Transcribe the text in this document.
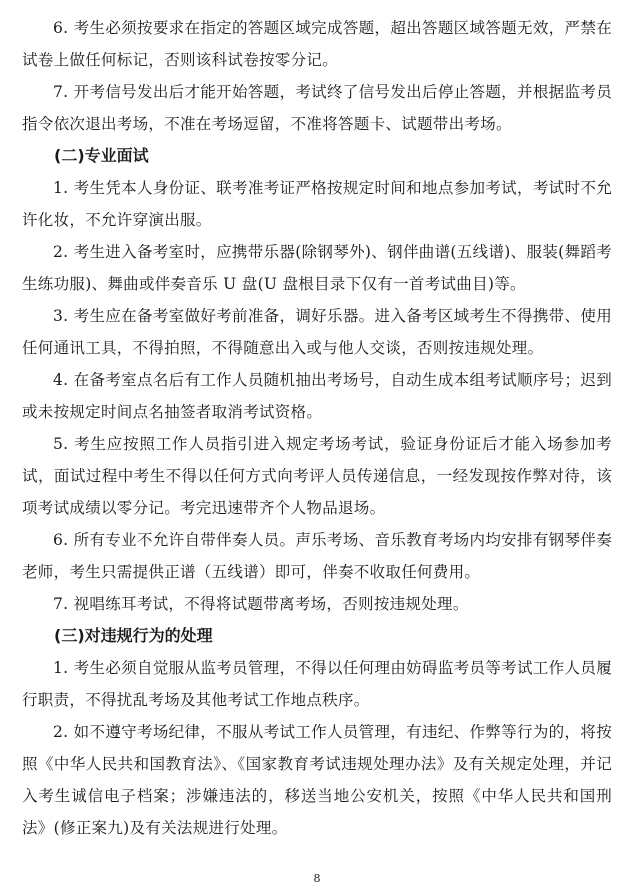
6. 考生必须按要求在指定的答题区域完成答题，超出答题区域答题无效，严禁在试卷上做任何标记，否则该科试卷按零分记。

7. 开考信号发出后才能开始答题，考试终了信号发出后停止答题，并根据监考员指令依次退出考场，不准在考场逗留，不准将答题卡、试题带出考场。

(二)专业面试

1. 考生凭本人身份证、联考准考证严格按规定时间和地点参加考试，考试时不允许化妆，不允许穿演出服。

2. 考生进入备考室时，应携带乐器(除钢琴外)、钢伴曲谱(五线谱)、服装(舞蹈考生练功服)、舞曲或伴奏音乐 U 盘(U 盘根目录下仅有一首考试曲目)等。

3. 考生应在备考室做好考前准备，调好乐器。进入备考区域考生不得携带、使用任何通讯工具，不得拍照，不得随意出入或与他人交谈，否则按违规处理。

4. 在备考室点名后有工作人员随机抽出考场号，自动生成本组考试顺序号；迟到或未按规定时间点名抽签者取消考试资格。

5. 考生应按照工作人员指引进入规定考场考试，验证身份证后才能入场参加考试，面试过程中考生不得以任何方式向考评人员传递信息，一经发现按作弊对待，该项考试成绩以零分记。考完迅速带齐个人物品退场。

6. 所有专业不允许自带伴奏人员。声乐考场、音乐教育考场内均安排有钢琴伴奏老师，考生只需提供正谱（五线谱）即可，伴奏不收取任何费用。

7. 视唱练耳考试，不得将试题带离考场，否则按违规处理。

(三)对违规行为的处理

1. 考生必须自觉服从监考员管理，不得以任何理由妨碍监考员等考试工作人员履行职责，不得扰乱考场及其他考试工作地点秩序。

2. 如不遵守考场纪律，不服从考试工作人员管理，有违纪、作弊等行为的，将按照《中华人民共和国教育法》、《国家教育考试违规处理办法》及有关规定处理，并记入考生诚信电子档案；涉嫌违法的，移送当地公安机关，按照《中华人民共和国刑法》(修正案九)及有关法规进行处理。

8
